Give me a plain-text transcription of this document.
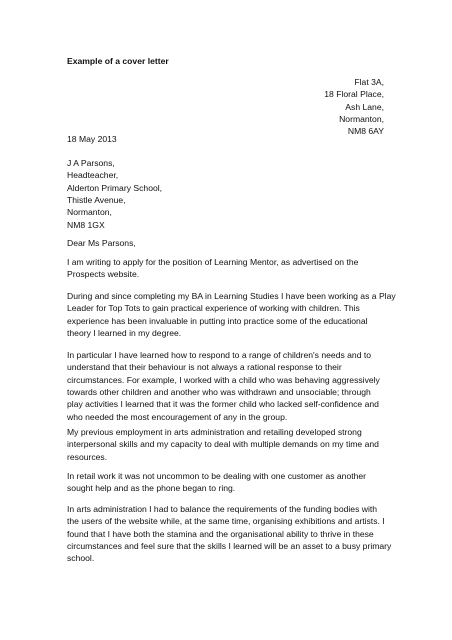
Example of a cover letter
Flat 3A,
18 Floral Place,
Ash Lane,
Normanton,
NM8 6AY
18 May 2013
J A Parsons,
Headteacher,
Alderton Primary School,
Thistle Avenue,
Normanton,
NM8 1GX
Dear Ms Parsons,
I am writing to apply for the position of Learning Mentor, as advertised on the
Prospects website.
During and since completing my BA in Learning Studies I have been working as a Play
Leader for Top Tots to gain practical experience of working with children. This
experience has been invaluable in putting into practice some of the educational
theory I learned in my degree.
In particular I have learned how to respond to a range of children's needs and to
understand that their behaviour is not always a rational response to their
circumstances. For example, I worked with a child who was behaving aggressively
towards other children and another who was withdrawn and unsociable; through
play activities I learned that it was the former child who lacked self-confidence and
who needed the most encouragement of any in the group.
My previous employment in arts administration and retailing developed strong
interpersonal skills and my capacity to deal with multiple demands on my time and
resources.
In retail work it was not uncommon to be dealing with one customer as another
sought help and as the phone began to ring.
In arts administration I had to balance the requirements of the funding bodies with
the users of the website while, at the same time, organising exhibitions and artists. I
found that I have both the stamina and the organisational ability to thrive in these
circumstances and feel sure that the skills I learned will be an asset to a busy primary
school.
